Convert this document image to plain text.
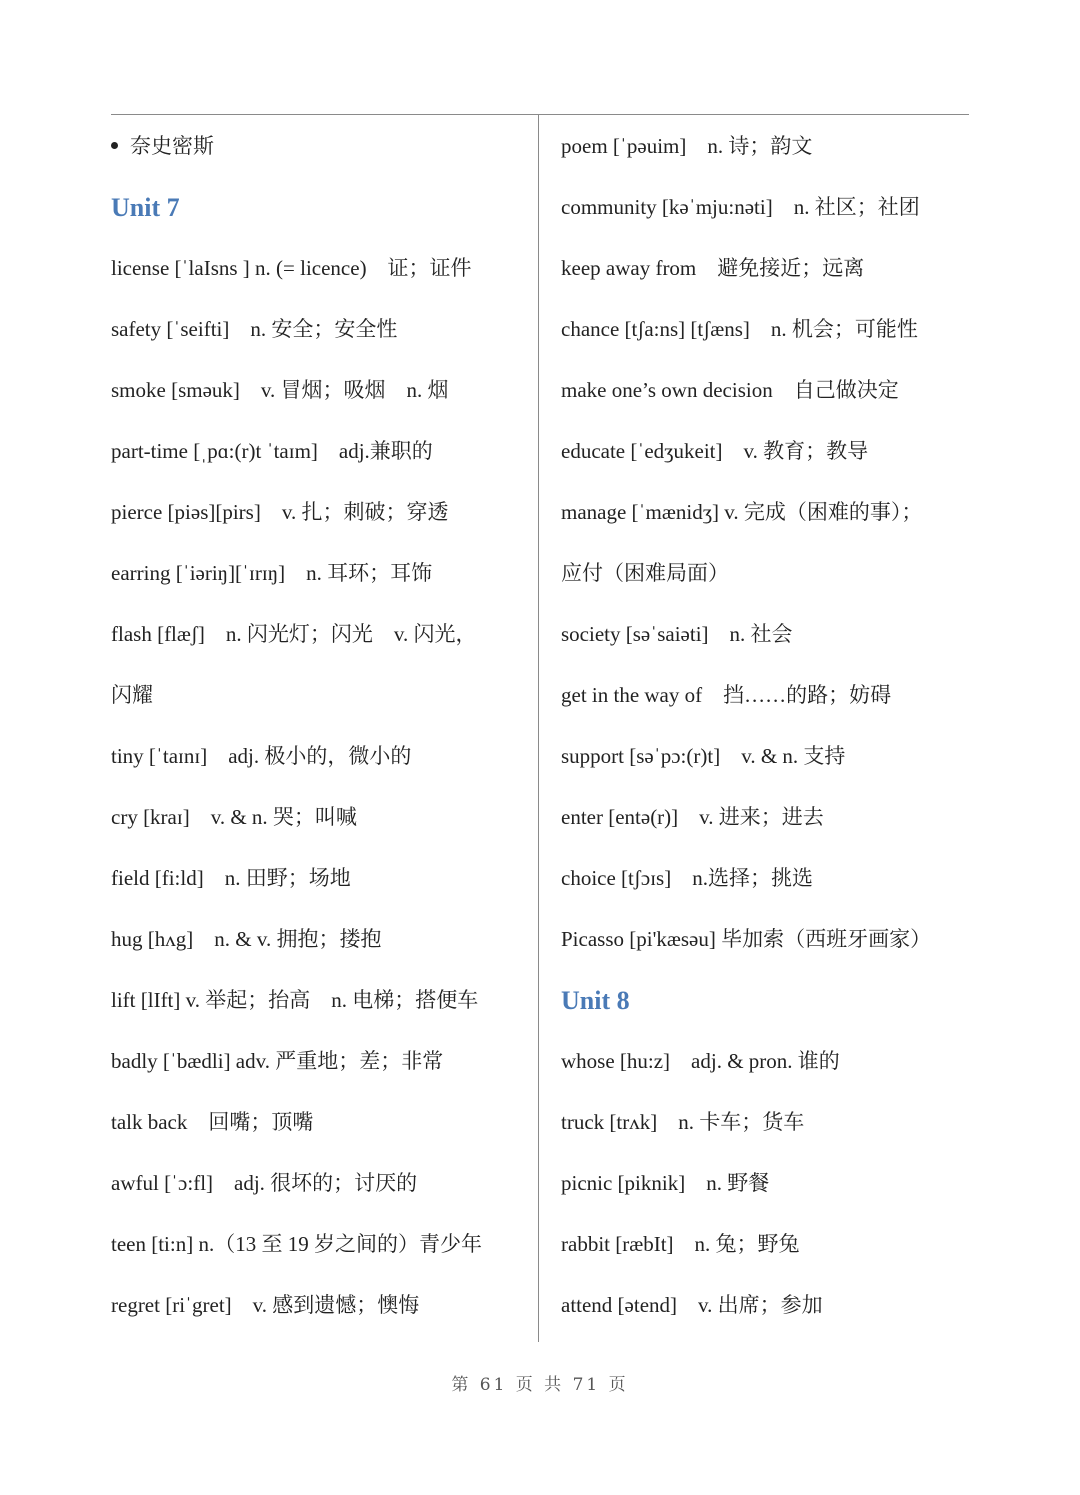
奈史密斯
Unit 7
license [ˈlaIsns ] n. (= licence)　证；证件
safety [ˈseifti]　n. 安全；安全性
smoke [sməuk]　v. 冒烟；吸烟　n. 烟
part-time [ˌpɑ:(r)t ˈtaɪm]　adj.兼职的
pierce [piəs][pirs]　v. 扎；刺破；穿透
earring [ˈiəriŋ][ˈɪrɪŋ]　n. 耳环；耳饰
flash [flæʃ]　n. 闪光灯；闪光　v. 闪光，
闪耀
tiny [ˈtaɪnɪ]　adj. 极小的，微小的
cry [kraɪ]　v. & n. 哭；叫喊
field [fi:ld]　n. 田野；场地
hug [hʌg]　n. & v. 拥抱；搂抱
lift [lIft] v. 举起；抬高　n. 电梯；搭便车
badly [ˈbædli] adv. 严重地；差；非常
talk back　回嘴；顶嘴
awful [ˈɔ:fl]　adj. 很坏的；讨厌的
teen [ti:n] n.（13 至 19 岁之间的）青少年
regret [riˈgret]　v. 感到遗憾；懊悔
poem [ˈpəuim]　n. 诗；韵文
community [kəˈmju:nəti]　n. 社区；社团
keep away from　避免接近；远离
chance [tʃa:ns] [tʃæns]　n. 机会；可能性
make one’s own decision　自己做决定
educate [ˈedʒukeit]　v. 教育；教导
manage [ˈmænidʒ] v. 完成（困难的事）；
应付（困难局面）
society [səˈsaiəti]　n. 社会
get in the way of　挡……的路；妨碍
support [səˈpɔ:(r)t]　v. & n. 支持
enter [entə(r)]　v. 进来；进去
choice [tʃɔɪs]　n.选择；挑选
Picasso [pi'kæsəu] 毕加索（西班牙画家）
Unit 8
whose [hu:z]　adj. & pron. 谁的
truck [trʌk]　n. 卡车；货车
picnic [piknik]　n. 野餐
rabbit [ræbIt]　n. 兔；野兔
attend [ətend]　v. 出席；参加
第 61 页 共 71 页
